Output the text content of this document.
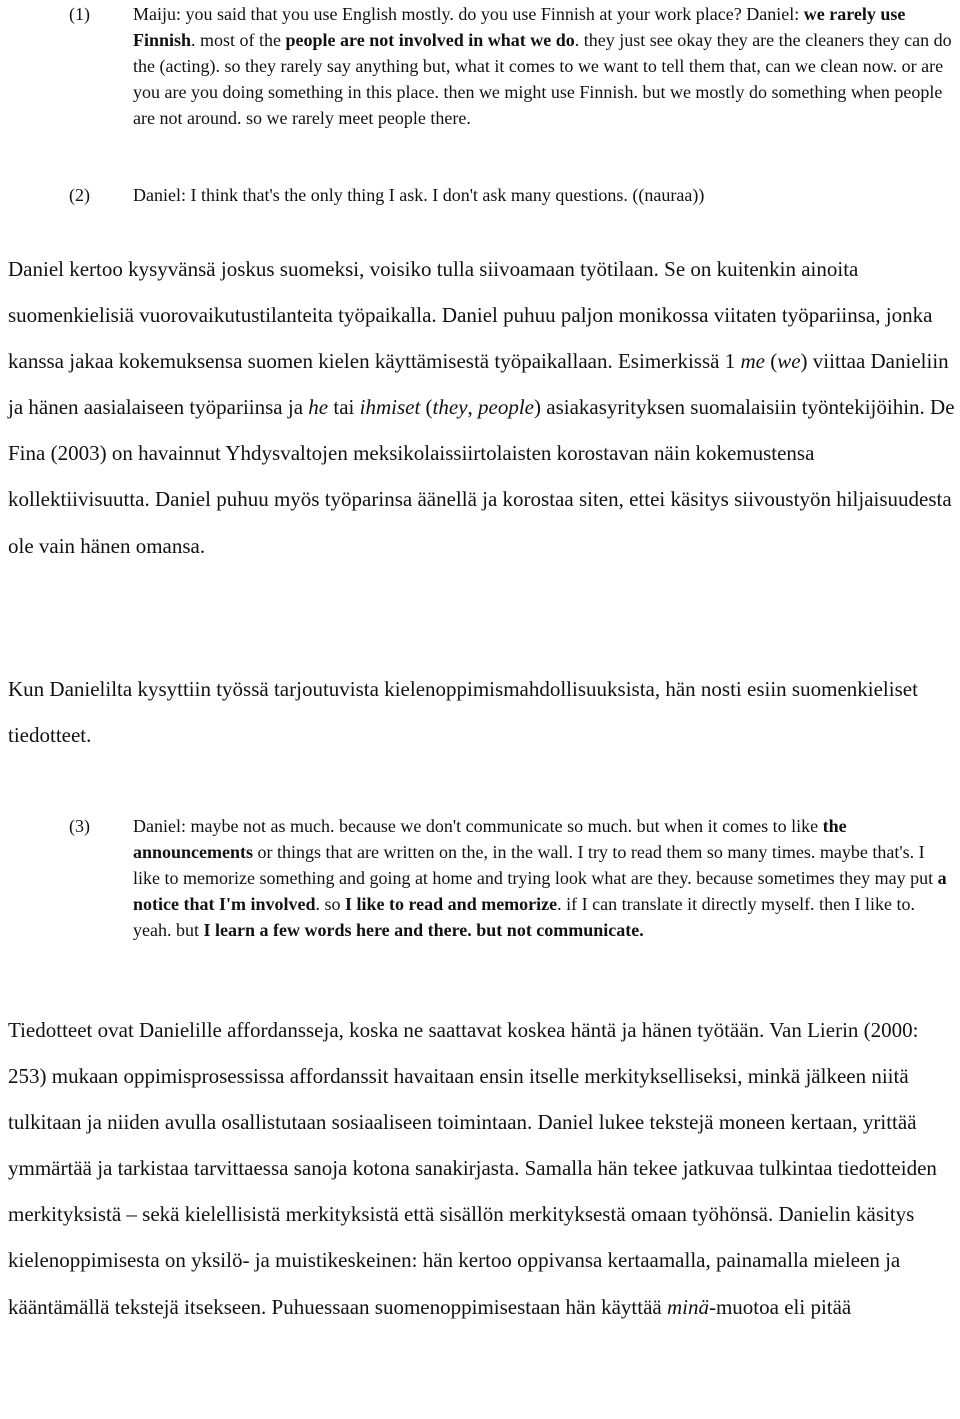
(1)	Maiju: you said that you use English mostly. do you use Finnish at your work place? Daniel: we rarely use Finnish. most of the people are not involved in what we do. they just see okay they are the cleaners they can do the (acting). so they rarely say anything but, what it comes to we want to tell them that, can we clean now. or are you are you doing something in this place. then we might use Finnish. but we mostly do something when people are not around. so we rarely meet people there.
(2)	Daniel: I think that's the only thing I ask. I don't ask many questions. ((nauraa))
Daniel kertoo kysyvänsä joskus suomeksi, voisiko tulla siivoamaan työtilaan. Se on kuitenkin ainoita suomenkielisiä vuorovaikutustilanteita työpaikalla. Daniel puhuu paljon monikossa viitaten työpariinsa, jonka kanssa jakaa kokemuksensa suomen kielen käyttämisestä työpaikallaan. Esimerkissä 1 me (we) viittaa Danieliin ja hänen aasialaiseen työpariinsa ja he tai ihmiset (they, people) asiakasyrityksen suomalaisiin työntekijöihin. De Fina (2003) on havainnut Yhdysvaltojen meksikolaissiirtolaisten korostavan näin kokemustensa kollektiivisuutta. Daniel puhuu myös työparinsa äänellä ja korostaa siten, ettei käsitys siivoustyön hiljaisuudesta ole vain hänen omansa.
Kun Danielilta kysyttiin työssä tarjoutuvista kielenoppimismahdollisuuksista, hän nosti esiin suomenkieliset tiedotteet.
(3)	Daniel: maybe not as much. because we don't communicate so much. but when it comes to like the announcements or things that are written on the, in the wall. I try to read them so many times. maybe that's. I like to memorize something and going at home and trying look what are they. because sometimes they may put a notice that I'm involved. so I like to read and memorize. if I can translate it directly myself. then I like to. yeah. but I learn a few words here and there. but not communicate.
Tiedotteet ovat Danielille affordansseja, koska ne saattavat koskea häntä ja hänen työtään. Van Lierin (2000: 253) mukaan oppimisprosessissa affordanssit havaitaan ensin itselle merkitykselliseksi, minkä jälkeen niitä tulkitaan ja niiden avulla osallistutaan sosiaaliseen toimintaan. Daniel lukee tekstejä moneen kertaan, yrittää ymmärtää ja tarkistaa tarvittaessa sanoja kotona sanakirjasta. Samalla hän tekee jatkuvaa tulkintaa tiedotteiden merkityksistä – sekä kielellisistä merkityksistä että sisällön merkityksestä omaan työhönsä. Danielin käsitys kielenoppimisesta on yksilö- ja muistikeskeinen: hän kertoo oppivansa kertaamalla, painamalla mieleen ja kääntämällä tekstejä itsekseen. Puhuessaan suomenoppimisestaan hän käyttää minä-muotoa eli pitää
